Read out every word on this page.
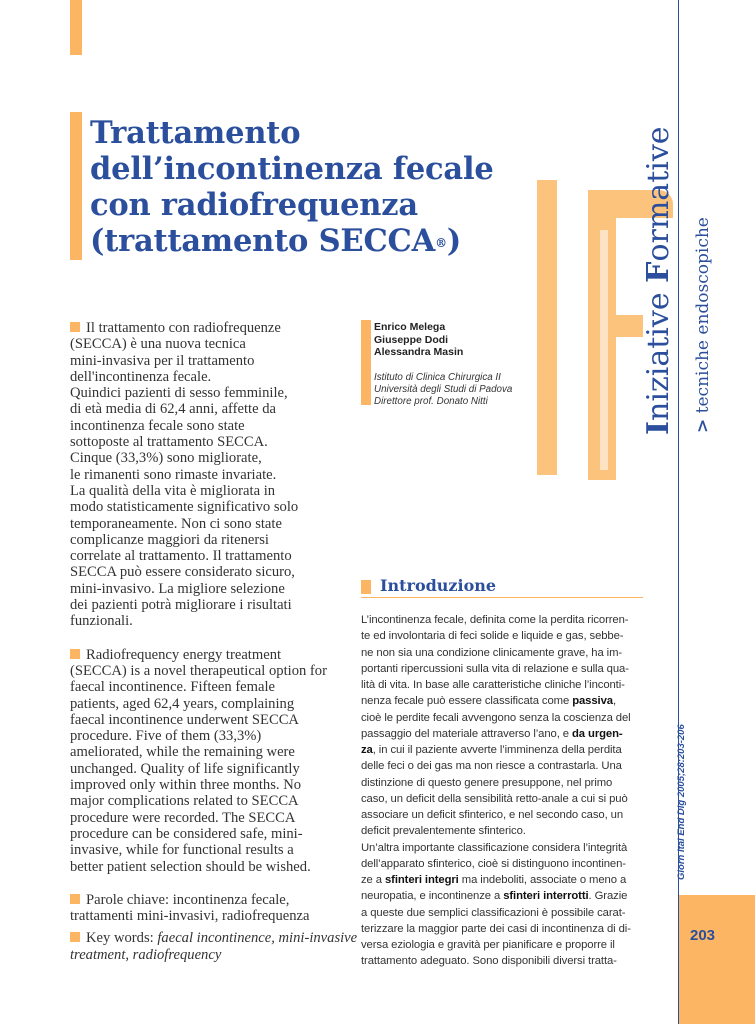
Trattamento
dell’incontinenza fecale
con radiofrequenza
(trattamento SECCA®)
Iniziative Formative
> tecniche endoscopiche
Giorn Ital End Dig 2005;28:203-206
Il trattamento con radiofrequenze
(SECCA) è una nuova tecnica
mini-invasiva per il trattamento
dell'incontinenza fecale.
Quindici pazienti di sesso femminile,
di età media di 62,4 anni, affette da
incontinenza fecale sono state
sottoposte al trattamento SECCA.
Cinque (33,3%) sono migliorate,
le rimanenti sono rimaste invariate.
La qualità della vita è migliorata in
modo statisticamente significativo solo
temporaneamente. Non ci sono state
complicanze maggiori da ritenersi
correlate al trattamento. Il trattamento
SECCA può essere considerato sicuro,
mini-invasivo. La migliore selezione
dei pazienti potrà migliorare i risultati
funzionali.
Radiofrequency energy treatment
(SECCA) is a novel therapeutical option for
faecal incontinence. Fifteen female
patients, aged 62,4 years, complaining
faecal incontinence underwent SECCA
procedure. Five of them (33,3%)
ameliorated, while the remaining were
unchanged. Quality of life significantly
improved only within three months. No
major complications related to SECCA
procedure were recorded. The SECCA
procedure can be considered safe, mini-
invasive, while for functional results a
better patient selection should be wished.
Parole chiave: incontinenza fecale,
trattamenti mini-invasivi, radiofrequenza
Key words: faecal incontinence, mini-invasive
treatment, radiofrequency
Enrico Melega
Giuseppe Dodi
Alessandra Masin
Istituto di Clinica Chirurgica II
Università degli Studi di Padova
Direttore prof. Donato Nitti
Introduzione
L’incontinenza fecale, definita come la perdita ricorren-
te ed involontaria di feci solide e liquide e gas, sebbe-
ne non sia una condizione clinicamente grave, ha im-
portanti ripercussioni sulla vita di relazione e sulla qua-
lità di vita. In base alle caratteristiche cliniche l’inconti-
nenza fecale può essere classificata come passiva,
cioè le perdite fecali avvengono senza la coscienza del
passaggio del materiale attraverso l’ano, e da urgen-
za, in cui il paziente avverte l’imminenza della perdita
delle feci o dei gas ma non riesce a contrastarla. Una
distinzione di questo genere presuppone, nel primo
caso, un deficit della sensibilità retto-anale a cui si può
associare un deficit sfinterico, e nel secondo caso, un
deficit prevalentemente sfinterico.
Un’altra importante classificazione considera l’integrità
dell’apparato sfinterico, cioè si distinguono incontinen-
ze a sfinteri integri ma indeboliti, associate o meno a
neuropatia, e incontinenze a sfinteri interrotti. Grazie
a queste due semplici classificazioni è possibile carat-
terizzare la maggior parte dei casi di incontinenza di di-
versa eziologia e gravità per pianificare e proporre il
trattamento adeguato. Sono disponibili diversi tratta-
203
